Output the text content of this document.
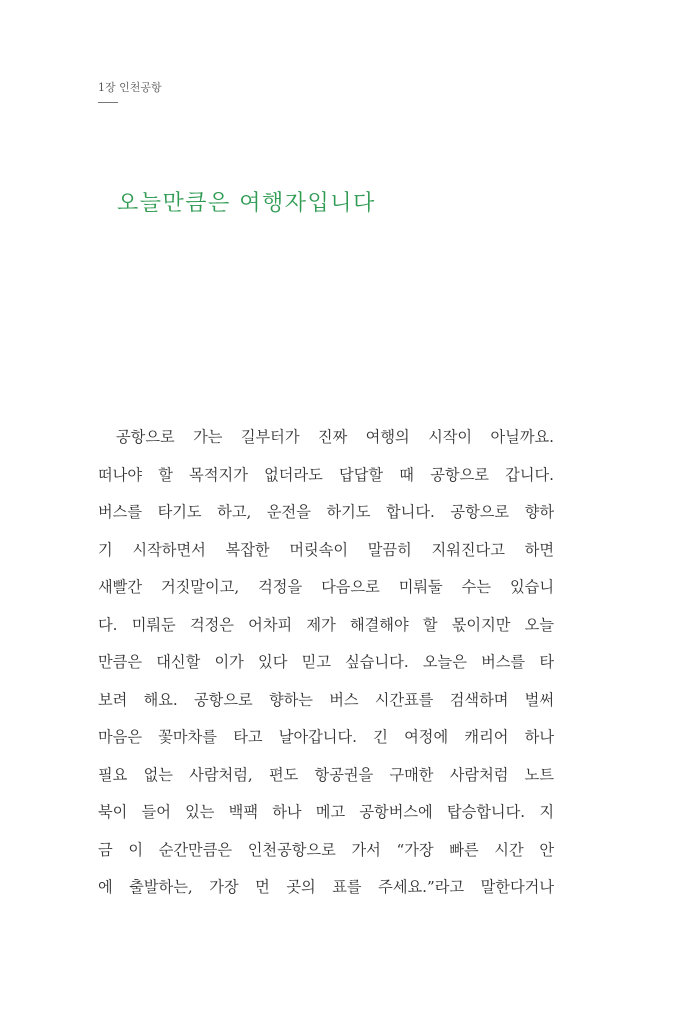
1장 인천공항
오늘만큼은 여행자입니다
공항으로 가는 길부터가 진짜 여행의 시작이 아닐까요.
떠나야 할 목적지가 없더라도 답답할 때 공항으로 갑니다.
버스를 타기도 하고, 운전을 하기도 합니다. 공항으로 향하
기 시작하면서 복잡한 머릿속이 말끔히 지워진다고 하면
새빨간 거짓말이고, 걱정을 다음으로 미뤄둘 수는 있습니
다. 미뤄둔 걱정은 어차피 제가 해결해야 할 몫이지만 오늘
만큼은 대신할 이가 있다 믿고 싶습니다. 오늘은 버스를 타
보려 해요. 공항으로 향하는 버스 시간표를 검색하며 벌써
마음은 꽃마차를 타고 날아갑니다. 긴 여정에 캐리어 하나
필요 없는 사람처럼, 편도 항공권을 구매한 사람처럼 노트
북이 들어 있는 백팩 하나 메고 공항버스에 탑승합니다. 지
금 이 순간만큼은 인천공항으로 가서 “가장 빠른 시간 안
에 출발하는, 가장 먼 곳의 표를 주세요.”라고 말한다거나
